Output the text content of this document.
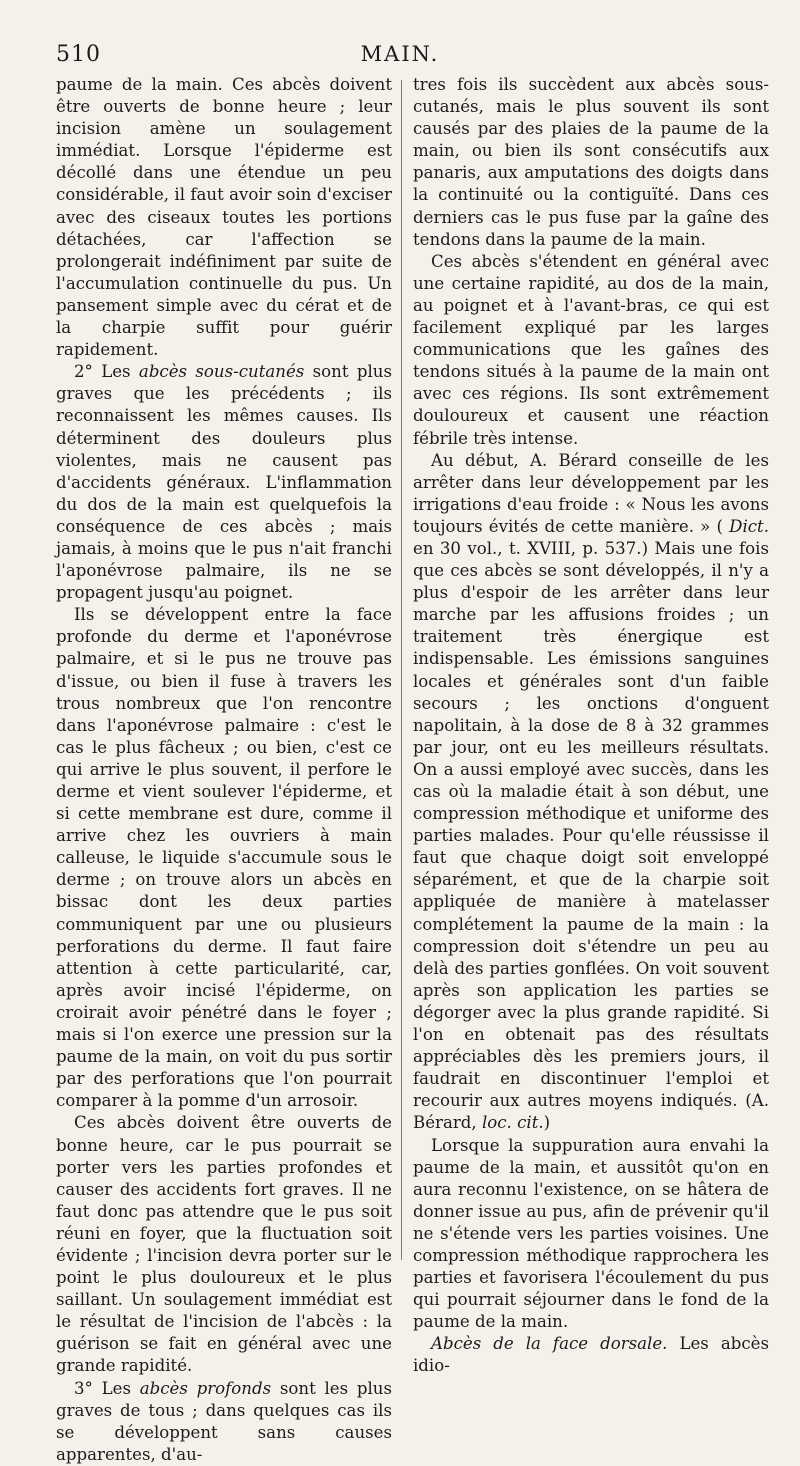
510	MAIN.

paume de la main. Ces abcès doivent être ouverts de bonne heure ; leur incision amène un soulagement immédiat. Lorsque l'épiderme est décollé dans une étendue un peu considérable, il faut avoir soin d'exciser avec des ciseaux toutes les portions détachées, car l'affection se prolongerait indéfiniment par suite de l'accumulation continuelle du pus. Un pansement simple avec du cérat et de la charpie suffit pour guérir rapidement.

2° Les abcès sous-cutanés sont plus graves que les précédents ; ils reconnaissent les mêmes causes. Ils déterminent des douleurs plus violentes, mais ne causent pas d'accidents généraux. L'inflammation du dos de la main est quelquefois la conséquence de ces abcès ; mais jamais, à moins que le pus n'ait franchi l'aponévrose palmaire, ils ne se propagent jusqu'au poignet.

Ils se développent entre la face profonde du derme et l'aponévrose palmaire, et si le pus ne trouve pas d'issue, ou bien il fuse à travers les trous nombreux que l'on rencontre dans l'aponévrose palmaire : c'est le cas le plus fâcheux ; ou bien, c'est ce qui arrive le plus souvent, il perfore le derme et vient soulever l'épiderme, et si cette membrane est dure, comme il arrive chez les ouvriers à main calleuse, le liquide s'accumule sous le derme ; on trouve alors un abcès en bissac dont les deux parties communiquent par une ou plusieurs perforations du derme. Il faut faire attention à cette particularité, car, après avoir incisé l'épiderme, on croirait avoir pénétré dans le foyer ; mais si l'on exerce une pression sur la paume de la main, on voit du pus sortir par des perforations que l'on pourrait comparer à la pomme d'un arrosoir.

Ces abcès doivent être ouverts de bonne heure, car le pus pourrait se porter vers les parties profondes et causer des accidents fort graves. Il ne faut donc pas attendre que le pus soit réuni en foyer, que la fluctuation soit évidente ; l'incision devra porter sur le point le plus douloureux et le plus saillant. Un soulagement immédiat est le résultat de l'incision de l'abcès : la guérison se fait en général avec une grande rapidité.

3° Les abcès profonds sont les plus graves de tous ; dans quelques cas ils se développent sans causes apparentes, d'au-

tres fois ils succèdent aux abcès sous-cutanés, mais le plus souvent ils sont causés par des plaies de la paume de la main, ou bien ils sont consécutifs aux panaris, aux amputations des doigts dans la continuité ou la contiguïté. Dans ces derniers cas le pus fuse par la gaîne des tendons dans la paume de la main.

Ces abcès s'étendent en général avec une certaine rapidité, au dos de la main, au poignet et à l'avant-bras, ce qui est facilement expliqué par les larges communications que les gaînes des tendons situés à la paume de la main ont avec ces régions. Ils sont extrêmement douloureux et causent une réaction fébrile très intense.

Au début, A. Bérard conseille de les arrêter dans leur développement par les irrigations d'eau froide : « Nous les avons toujours évités de cette manière. » ( Dict. en 30 vol., t. XVIII, p. 537.) Mais une fois que ces abcès se sont développés, il n'y a plus d'espoir de les arrêter dans leur marche par les affusions froides ; un traitement très énergique est indispensable. Les émissions sanguines locales et générales sont d'un faible secours ; les onctions d'onguent napolitain, à la dose de 8 à 32 grammes par jour, ont eu les meilleurs résultats. On a aussi employé avec succès, dans les cas où la maladie était à son début, une compression méthodique et uniforme des parties malades. Pour qu'elle réussisse il faut que chaque doigt soit enveloppé séparément, et que de la charpie soit appliquée de manière à matelasser complétement la paume de la main : la compression doit s'étendre un peu au delà des parties gonflées. On voit souvent après son application les parties se dégorger avec la plus grande rapidité. Si l'on en obtenait pas des résultats appréciables dès les premiers jours, il faudrait en discontinuer l'emploi et recourir aux autres moyens indiqués. (A. Bérard, loc. cit.)

Lorsque la suppuration aura envahi la paume de la main, et aussitôt qu'on en aura reconnu l'existence, on se hâtera de donner issue au pus, afin de prévenir qu'il ne s'étende vers les parties voisines. Une compression méthodique rapprochera les parties et favorisera l'écoulement du pus qui pourrait séjourner dans le fond de la paume de la main.

Abcès de la face dorsale. Les abcès idio-
